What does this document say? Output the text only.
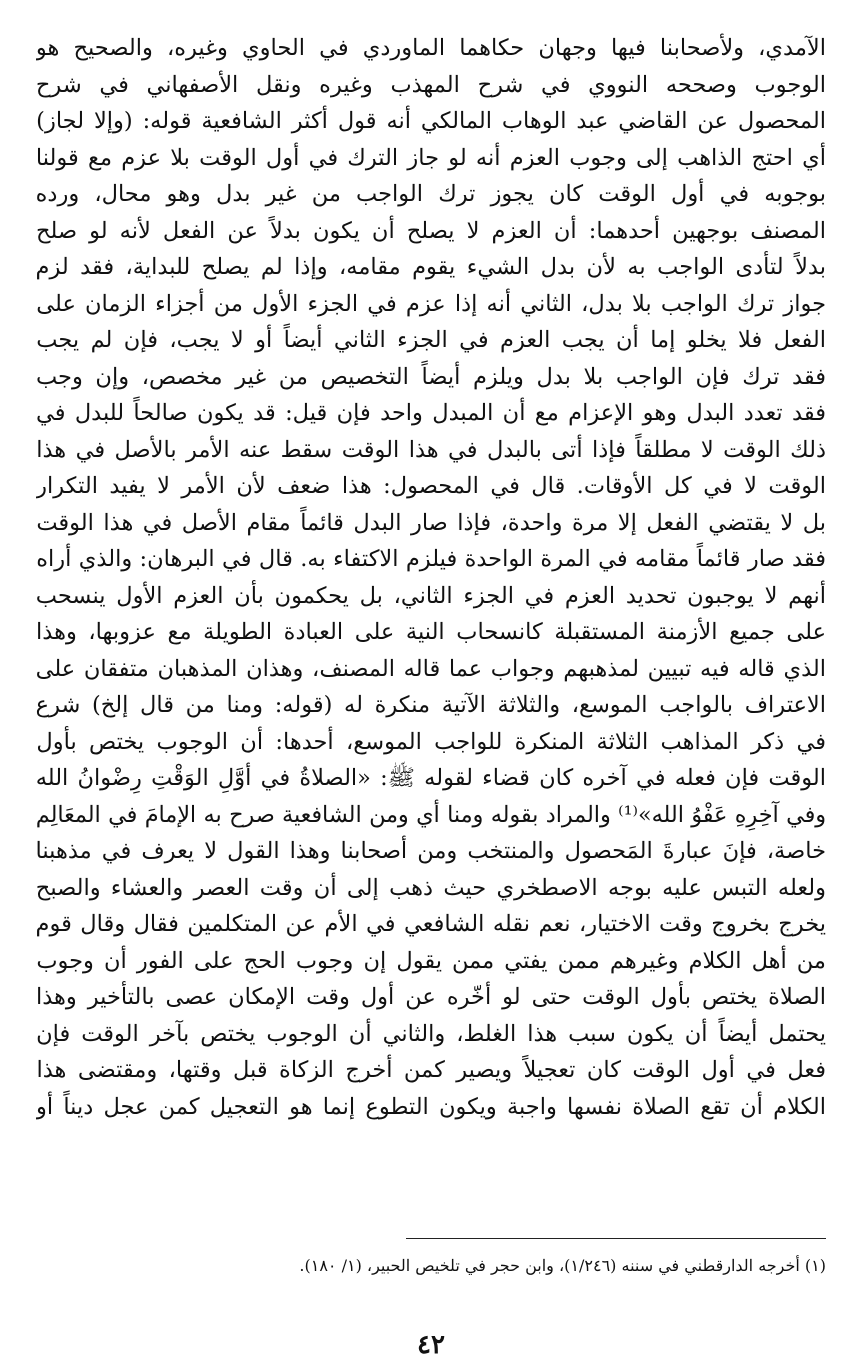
الآمدي، ولأصحابنا فيها وجهان حكاهما الماوردي في الحاوي وغيره، والصحيح هو
الوجوب وصححه النووي في شرح المهذب وغيره ونقل الأصفهاني في شرح
المحصول عن القاضي عبد الوهاب المالكي أنه قول أكثر الشافعية قوله: (وإلا لجاز)
أي احتج الذاهب إلى وجوب العزم أنه لو جاز الترك في أول الوقت بلا عزم مع قولنا
بوجوبه في أول الوقت كان يجوز ترك الواجب من غير بدل وهو محال، ورده
المصنف بوجهين أحدهما: أن العزم لا يصلح أن يكون بدلاً عن الفعل لأنه لو صلح
بدلاً لتأدى الواجب به لأن بدل الشيء يقوم مقامه، وإذا لم يصلح للبداية، فقد لزم
جواز ترك الواجب بلا بدل، الثاني أنه إذا عزم في الجزء الأول من أجزاء الزمان على
الفعل فلا يخلو إما أن يجب العزم في الجزء الثاني أيضاً أو لا يجب، فإن لم يجب
فقد ترك فإن الواجب بلا بدل ويلزم أيضاً التخصيص من غير مخصص، وإن وجب
فقد تعدد البدل وهو الإعزام مع أن المبدل واحد فإن قيل: قد يكون صالحاً للبدل في
ذلك الوقت لا مطلقاً فإذا أتى بالبدل في هذا الوقت سقط عنه الأمر بالأصل في هذا
الوقت لا في كل الأوقات. قال في المحصول: هذا ضعف لأن الأمر لا يفيد التكرار
بل لا يقتضي الفعل إلا مرة واحدة، فإذا صار البدل قائماً مقام الأصل في هذا الوقت
فقد صار قائماً مقامه في المرة الواحدة فيلزم الاكتفاء به. قال في البرهان: والذي أراه
أنهم لا يوجبون تحديد العزم في الجزء الثاني، بل يحكمون بأن العزم الأول ينسحب
على جميع الأزمنة المستقبلة كانسحاب النية على العبادة الطويلة مع عزوبها، وهذا
الذي قاله فيه تبيين لمذهبهم وجواب عما قاله المصنف، وهذان المذهبان متفقان على
الاعتراف بالواجب الموسع، والثلاثة الآتية منكرة له (قوله: ومنا من قال إلخ) شرع
في ذكر المذاهب الثلاثة المنكرة للواجب الموسع، أحدها: أن الوجوب يختص بأول
الوقت فإن فعله في آخره كان قضاء لقوله ﷺ: «الصلاةُ في أوَّلِ الوَقْتِ رِضْوانُ الله
وفي آخِرِهِ عَفْوُ الله»⁽¹⁾ والمراد بقوله ومنا أي ومن الشافعية صرح به الإمامَ في المعَالِم
خاصة، فإنَ عبارةَ المَحصول والمنتخب ومن أصحابنا وهذا القول لا يعرف في مذهبنا
ولعله التبس عليه بوجه الاصطخري حيث ذهب إلى أن وقت العصر والعشاء والصبح
يخرج بخروج وقت الاختيار، نعم نقله الشافعي في الأم عن المتكلمين فقال وقال قوم
من أهل الكلام وغيرهم ممن يفتي ممن يقول إن وجوب الحج على الفور أن وجوب
الصلاة يختص بأول الوقت حتى لو أخّره عن أول وقت الإمكان عصى بالتأخير وهذا
يحتمل أيضاً أن يكون سبب هذا الغلط، والثاني أن الوجوب يختص بآخر الوقت فإن
فعل في أول الوقت كان تعجيلاً ويصير كمن أخرج الزكاة قبل وقتها، ومقتضى هذا
الكلام أن تقع الصلاة نفسها واجبة ويكون التطوع إنما هو التعجيل كمن عجل ديناً أو
(١) أخرجه الدارقطني في سننه (١/٢٤٦)، وابن حجر في تلخيص الحبير، (١/ ١٨٠).
٤٢
